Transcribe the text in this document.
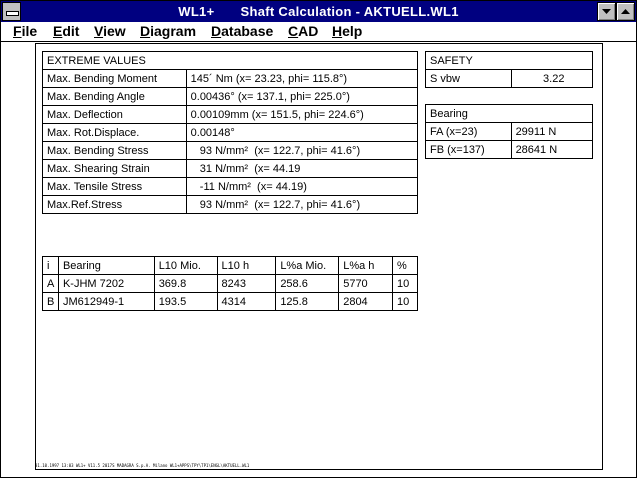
WL1+ Shaft Calculation - AKTUELL.WL1
File Edit View Diagram Database CAD Help
EXTREME VALUES	
Max. Bending Moment	145´ Nm (x= 23.23, phi= 115.8°)
Max. Bending Angle	0.00436° (x= 137.1, phi= 225.0°)
Max. Deflection	0.00109mm (x= 151.5, phi= 224.6°)
Max. Rot.Displace.	0.00148°
Max. Bending Stress	93 N/mm²  (x= 122.7, phi= 41.6°)
Max. Shearing Strain	31 N/mm²  (x= 44.19
Max. Tensile Stress	-11 N/mm²  (x= 44.19)
Max.Ref.Stress	93 N/mm²  (x= 122.7, phi= 41.6°)
SAFETY
S vbw	3.22
Bearing	
FA (x=23)	29911 N
FB (x=137)	28641 N
i	Bearing	L10 Mio.	L10 h	L%a Mio.	L%a h	%
A	K-JHM 7202	369.8	8243	258.6	5770	10
B	JM612949-1	193.5	4314	125.8	2804	10
31.10.1997 13:03 WL1+ V11.5 2017S MADAGRA S.p.A. Milano WL1+APPS\TPY\TP1\ENGL\AKTUELL.WL1
